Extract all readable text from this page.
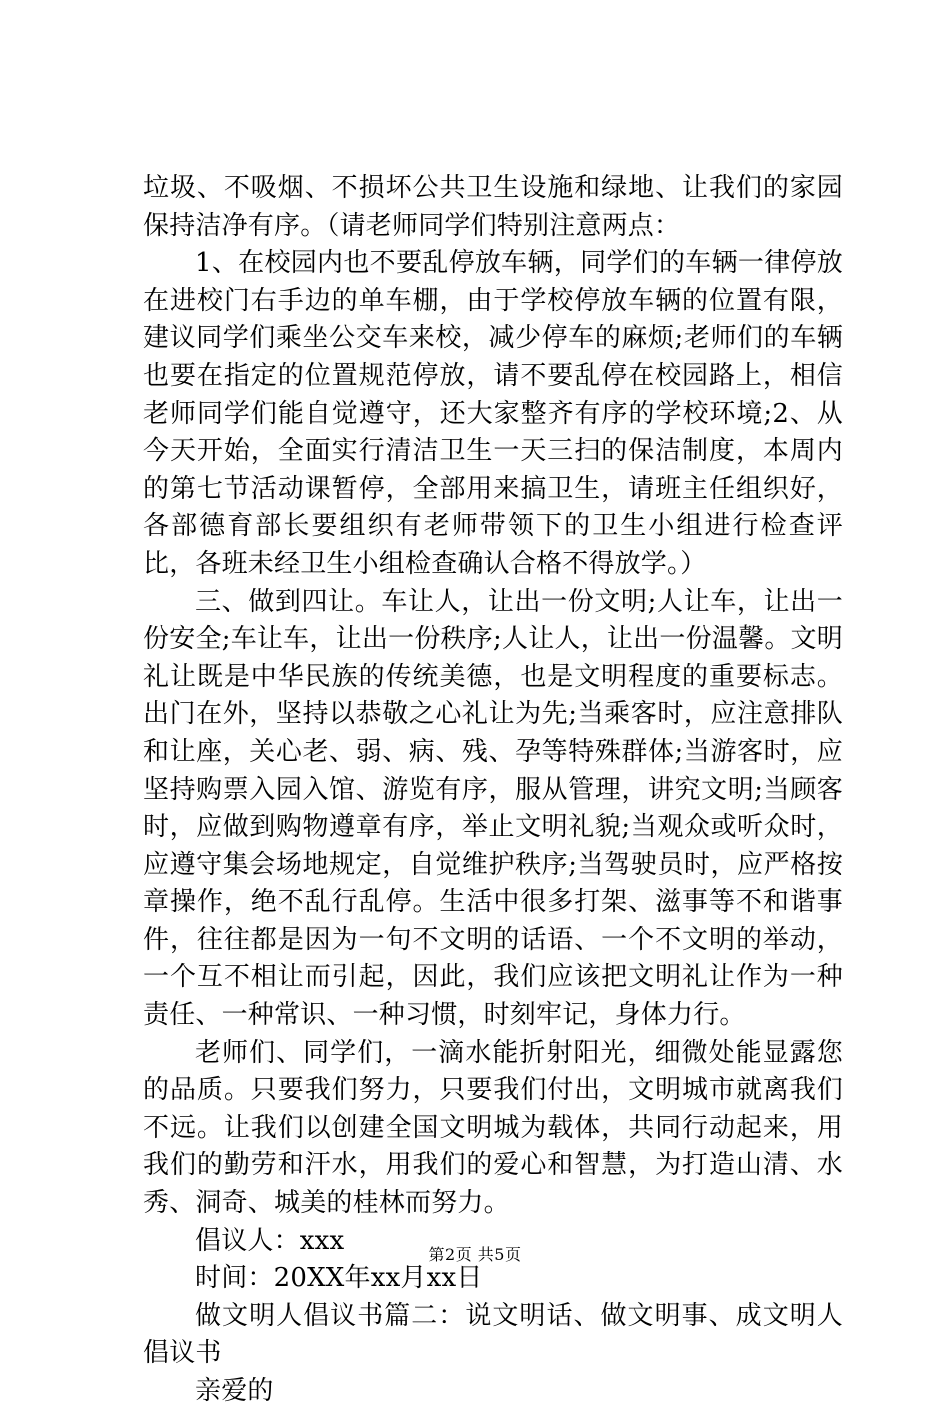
垃圾、不吸烟、不损坏公共卫生设施和绿地、让我们的家园保持洁净有序。（请老师同学们特别注意两点：

1、在校园内也不要乱停放车辆，同学们的车辆一律停放在进校门右手边的单车棚，由于学校停放车辆的位置有限，建议同学们乘坐公交车来校，减少停车的麻烦;老师们的车辆也要在指定的位置规范停放，请不要乱停在校园路上，相信老师同学们能自觉遵守，还大家整齐有序的学校环境;2、从今天开始，全面实行清洁卫生一天三扫的保洁制度，本周内的第七节活动课暂停，全部用来搞卫生，请班主任组织好，各部德育部长要组织有老师带领下的卫生小组进行检查评比，各班未经卫生小组检查确认合格不得放学。）

三、做到四让。车让人，让出一份文明;人让车，让出一份安全;车让车，让出一份秩序;人让人，让出一份温馨。文明礼让既是中华民族的传统美德，也是文明程度的重要标志。出门在外，坚持以恭敬之心礼让为先;当乘客时，应注意排队和让座，关心老、弱、病、残、孕等特殊群体;当游客时，应坚持购票入园入馆、游览有序，服从管理，讲究文明;当顾客时，应做到购物遵章有序，举止文明礼貌;当观众或听众时，应遵守集会场地规定，自觉维护秩序;当驾驶员时，应严格按章操作，绝不乱行乱停。生活中很多打架、滋事等不和谐事件，往往都是因为一句不文明的话语、一个不文明的举动，一个互不相让而引起，因此，我们应该把文明礼让作为一种责任、一种常识、一种习惯，时刻牢记，身体力行。

老师们、同学们，一滴水能折射阳光，细微处能显露您的品质。只要我们努力，只要我们付出，文明城市就离我们不远。让我们以创建全国文明城为载体，共同行动起来，用我们的勤劳和汗水，用我们的爱心和智慧，为打造山清、水秀、洞奇、城美的桂林而努力。

倡议人：xxx

时间：20XX年xx月xx日

做文明人倡议书篇二：说文明话、做文明事、成文明人倡议书

亲爱的

第2页 共5页
